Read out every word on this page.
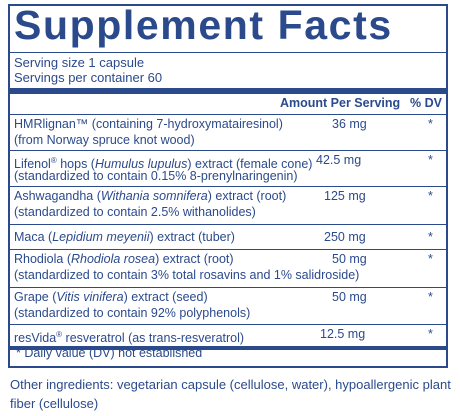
Supplement Facts
Serving size 1 capsule
Servings per container 60
Amount Per Serving % DV
HMRlignan™ (containing 7-hydroxymatairesinol)
(from Norway spruce knot wood)
36 mg	*
Lifenol® hops (Humulus lupulus) extract (female cone)
(standardized to contain 0.15% 8-prenylnaringenin)
42.5 mg	*
Ashwagandha (Withania somnifera) extract (root)
(standardized to contain 2.5% withanolides)
125 mg	*
Maca (Lepidium meyenii) extract (tuber)	250 mg	*
Rhodiola (Rhodiola rosea) extract (root)
(standardized to contain 3% total rosavins and 1% salidroside)
50 mg	*
Grape (Vitis vinifera) extract (seed)
(standardized to contain 92% polyphenols)
50 mg	*
resVida® resveratrol (as trans-resveratrol)	12.5 mg	*
* Daily value (DV) not established
Other ingredients: vegetarian capsule (cellulose, water), hypoallergenic plant fiber (cellulose)
